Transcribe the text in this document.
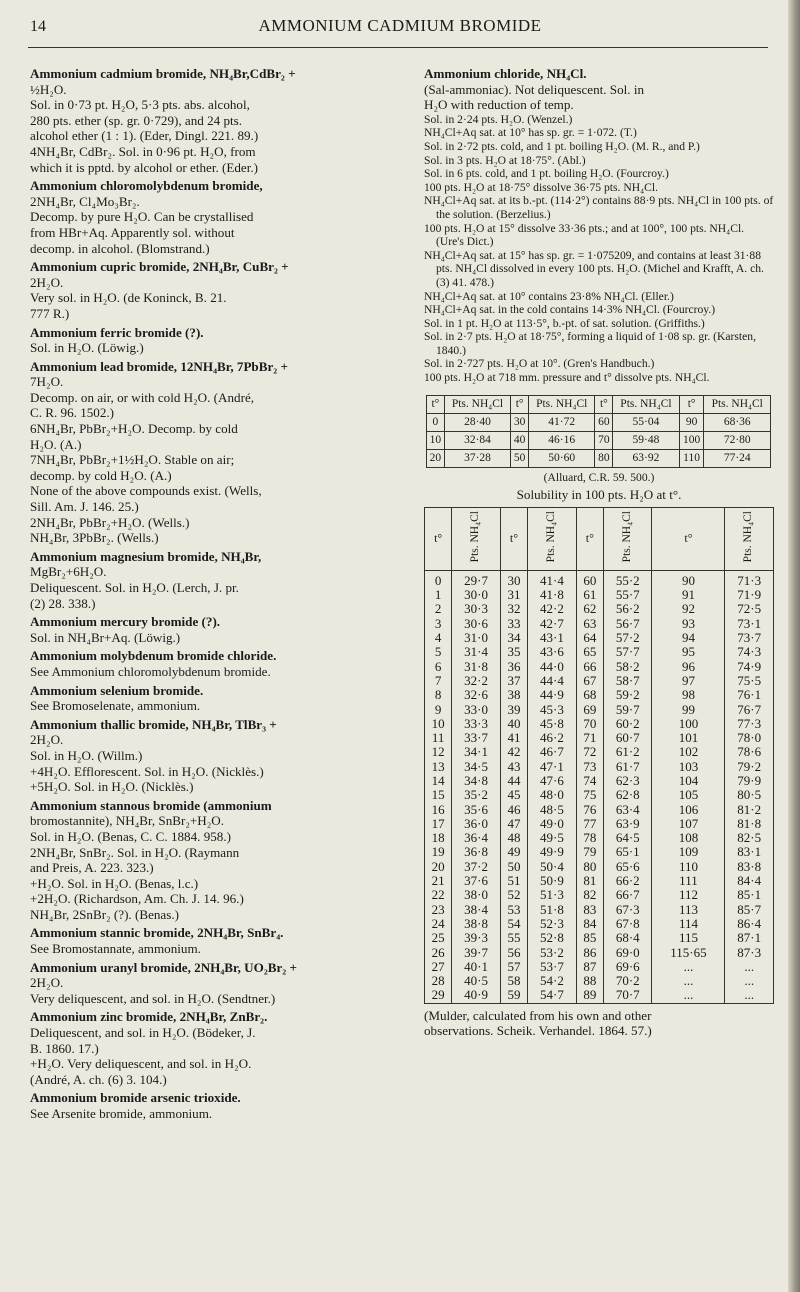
14	AMMONIUM CADMIUM BROMIDE
Ammonium cadmium bromide, NH₄Br,CdBr₂ +
½H₂O.
Sol. in 0·73 pt. H₂O, 5·3 pts. abs. alcohol,
280 pts. ether (sp. gr. 0·729), and 24 pts.
alcohol ether (1 : 1). (Eder, Dingl. 221. 89.)
4NH₄Br, CdBr₂. Sol. in 0·96 pt. H₂O, from
which it is pptd. by alcohol or ether. (Eder.)
Ammonium chloromolybdenum bromide,
2NH₄Br, Cl₄Mo₃Br₂.
Decomp. by pure H₂O. Can be crystallised
from HBr+Aq. Apparently sol. without
decomp. in alcohol. (Blomstrand.)
Ammonium cupric bromide, 2NH₄Br, CuBr₂ +
2H₂O.
Very sol. in H₂O. (de Koninck, B. 21.
777 R.)
Ammonium ferric bromide (?).
Sol. in H₂O. (Löwig.)
Ammonium lead bromide, 12NH₄Br, 7PbBr₂ +
7H₂O.
Decomp. on air, or with cold H₂O. (André,
C. R. 96. 1502.)
6NH₄Br, PbBr₂+H₂O. Decomp. by cold
H₂O. (A.)
7NH₄Br, PbBr₂+1½H₂O. Stable on air;
decomp. by cold H₂O. (A.)
None of the above compounds exist. (Wells,
Sill. Am. J. 146. 25.)
2NH₄Br, PbBr₂+H₂O. (Wells.)
NH₄Br, 3PbBr₂. (Wells.)
Ammonium magnesium bromide, NH₄Br,
MgBr₂+6H₂O.
Deliquescent. Sol. in H₂O. (Lerch, J. pr.
(2) 28. 338.)
Ammonium mercury bromide (?).
Sol. in NH₄Br+Aq. (Löwig.)
Ammonium molybdenum bromide chloride.
See Ammonium chloromolybdenum bromide.
Ammonium selenium bromide.
See Bromoselenate, ammonium.
Ammonium thallic bromide, NH₄Br, TlBr₃ +
2H₂O.
Sol. in H₂O. (Willm.)
+4H₂O. Efflorescent. Sol. in H₂O. (Nicklès.)
+5H₂O. Sol. in H₂O. (Nicklès.)
Ammonium stannous bromide (ammonium
bromostannite), NH₄Br, SnBr₂+H₂O.
Sol. in H₂O. (Benas, C. C. 1884. 958.)
2NH₄Br, SnBr₂. Sol. in H₂O. (Raymann
and Preis, A. 223. 323.)
+H₂O. Sol. in H₂O. (Benas, l.c.)
+2H₂O. (Richardson, Am. Ch. J. 14. 96.)
NH₄Br, 2SnBr₂ (?). (Benas.)
Ammonium stannic bromide, 2NH₄Br, SnBr₄.
See Bromostannate, ammonium.
Ammonium uranyl bromide, 2NH₄Br, UO₂Br₂ +
2H₂O.
Very deliquescent, and sol. in H₂O. (Sendtner.)
Ammonium zinc bromide, 2NH₄Br, ZnBr₂.
Deliquescent, and sol. in H₂O. (Bödeker, J.
B. 1860. 17.)
+H₂O. Very deliquescent, and sol. in H₂O.
(André, A. ch. (6) 3. 104.)
Ammonium bromide arsenic trioxide.
See Arsenite bromide, ammonium.
Ammonium chloride, NH₄Cl.
(Sal-ammoniac). Not deliquescent. Sol. in
H₂O with reduction of temp.

Sol. in 2·24 pts. H₂O. (Wenzel.)

NH₄Cl+Aq sat. at 10° has sp. gr. = 1·072. (T.)

Sol. in 2·72 pts. cold, and 1 pt. boiling H₂O. (M. R., and P.)

Sol. in 3 pts. H₂O at 18·75°. (Abl.)

Sol. in 6 pts. cold, and 1 pt. boiling H₂O. (Fourcroy.)

100 pts. H₂O at 18·75° dissolve 36·75 pts. NH₄Cl.

NH₄Cl+Aq sat. at its b.-pt. (114·2°) contains 88·9 pts. NH₄Cl in 100 pts. of the solution. (Berzelius.)

100 pts. H₂O at 15° dissolve 33·36 pts.; and at 100°, 100 pts. NH₄Cl. (Ure's Dict.)

NH₄Cl+Aq sat. at 15° has sp. gr. = 1·075209, and contains at least 31·88 pts. NH₄Cl dissolved in every 100 pts. H₂O. (Michel and Krafft, A. ch. (3) 41. 478.)

NH₄Cl+Aq sat. at 10° contains 23·8% NH₄Cl. (Eller.)

NH₄Cl+Aq sat. in the cold contains 14·3% NH₄Cl. (Fourcroy.)

Sol. in 1 pt. H₂O at 113·5°, b.-pt. of sat. solution. (Griffiths.)

Sol. in 2·7 pts. H₂O at 18·75°, forming a liquid of 1·08 sp. gr. (Karsten, 1840.)

Sol. in 2·727 pts. H₂O at 10°. (Gren's Handbuch.)

100 pts. H₂O at 718 mm. pressure and t° dissolve pts. NH₄Cl.

t°	Pts. NH₄Cl	t°	Pts. NH₄Cl	t°	Pts. NH₄Cl	t°	Pts. NH₄Cl
0	28·40	30	41·72	60	55·04	90	68·36
10	32·84	40	46·16	70	59·48	100	72·80
20	37·28	50	50·60	80	63·92	110	77·24
(Alluard, C.R. 59. 500.)
Solubility in 100 pts. H₂O at t°.
t°	Pts. NH₄Cl	t°	Pts. NH₄Cl	t°	Pts. NH₄Cl	t°	Pts. NH₄Cl
0	29·7	30	41·4	60	55·2	90	71·3
1	30·0	31	41·8	61	55·7	91	71·9
2	30·3	32	42·2	62	56·2	92	72·5
3	30·6	33	42·7	63	56·7	93	73·1
4	31·0	34	43·1	64	57·2	94	73·7
5	31·4	35	43·6	65	57·7	95	74·3
6	31·8	36	44·0	66	58·2	96	74·9
7	32·2	37	44·4	67	58·7	97	75·5
8	32·6	38	44·9	68	59·2	98	76·1
9	33·0	39	45·3	69	59·7	99	76·7
10	33·3	40	45·8	70	60·2	100	77·3
11	33·7	41	46·2	71	60·7	101	78·0
12	34·1	42	46·7	72	61·2	102	78·6
13	34·5	43	47·1	73	61·7	103	79·2
14	34·8	44	47·6	74	62·3	104	79·9
15	35·2	45	48·0	75	62·8	105	80·5
16	35·6	46	48·5	76	63·4	106	81·2
17	36·0	47	49·0	77	63·9	107	81·8
18	36·4	48	49·5	78	64·5	108	82·5
19	36·8	49	49·9	79	65·1	109	83·1
20	37·2	50	50·4	80	65·6	110	83·8
21	37·6	51	50·9	81	66·2	111	84·4
22	38·0	52	51·3	82	66·7	112	85·1
23	38·4	53	51·8	83	67·3	113	85·7
24	38·8	54	52·3	84	67·8	114	86·4
25	39·3	55	52·8	85	68·4	115	87·1
26	39·7	56	53·2	86	69·0	115·65	87·3
27	40·1	57	53·7	87	69·6	...	...
28	40·5	58	54·2	88	70·2	...	...
29	40·9	59	54·7	89	70·7	...	...
(Mulder, calculated from his own and other
observations. Scheik. Verhandel. 1864. 57.)
